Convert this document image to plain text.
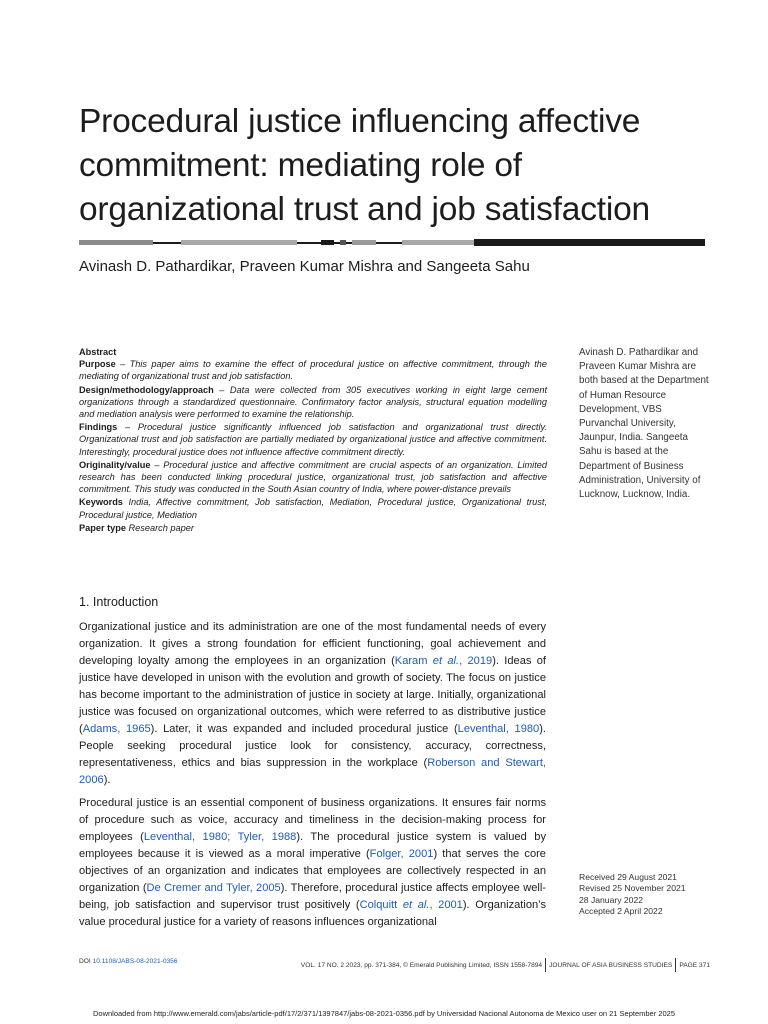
Procedural justice influencing affective
commitment: mediating role of
organizational trust and job satisfaction
Avinash D. Pathardikar, Praveen Kumar Mishra and Sangeeta Sahu
Abstract

Purpose – This paper aims to examine the effect of procedural justice on affective commitment, through the mediating of organizational trust and job satisfaction.

Design/methodology/approach – Data were collected from 305 executives working in eight large cement organizations through a standardized questionnaire. Confirmatory factor analysis, structural equation modelling and mediation analysis were performed to examine the relationship.

Findings – Procedural justice significantly influenced job satisfaction and organizational trust directly. Organizational trust and job satisfaction are partially mediated by organizational justice and affective commitment. Interestingly, procedural justice does not influence affective commitment directly.

Originality/value – Procedural justice and affective commitment are crucial aspects of an organization. Limited research has been conducted linking procedural justice, organizational trust, job satisfaction and affective commitment. This study was conducted in the South Asian country of India, where power-distance prevails

Keywords India, Affective commitment, Job satisfaction, Mediation, Procedural justice, Organizational trust, Procedural justice, Mediation

Paper type Research paper

1. Introduction

Organizational justice and its administration are one of the most fundamental needs of every organization. It gives a strong foundation for efficient functioning, goal achievement and developing loyalty among the employees in an organization (Karam et al., 2019). Ideas of justice have developed in unison with the evolution and growth of society. The focus on justice has become important to the administration of justice in society at large. Initially, organizational justice was focused on organizational outcomes, which were referred to as distributive justice (Adams, 1965). Later, it was expanded and included procedural justice (Leventhal, 1980). People seeking procedural justice look for consistency, accuracy, correctness, representativeness, ethics and bias suppression in the workplace (Roberson and Stewart, 2006).

Procedural justice is an essential component of business organizations. It ensures fair norms of procedure such as voice, accuracy and timeliness in the decision-making process for employees (Leventhal, 1980; Tyler, 1988). The procedural justice system is valued by employees because it is viewed as a moral imperative (Folger, 2001) that serves the core objectives of an organization and indicates that employees are collectively respected in an organization (De Cremer and Tyler, 2005). Therefore, procedural justice affects employee well-being, job satisfaction and supervisor trust positively (Colquitt et al., 2001). Organization’s value procedural justice for a variety of reasons influences organizational

Avinash D. Pathardikar and Praveen Kumar Mishra are both based at the Department of Human Resource Development, VBS Purvanchal University, Jaunpur, India. Sangeeta Sahu is based at the Department of Business Administration, University of Lucknow, Lucknow, India.
Received 29 August 2021
Revised 25 November 2021
28 January 2022
Accepted 2 April 2022
DOI 10.1108/JABS-08-2021-0356
VOL. 17 NO. 2 2023, pp. 371-384, © Emerald Publishing Limited, ISSN 1558-7894 JOURNAL OF ASIA BUSINESS STUDIES PAGE 371
Downloaded from http://www.emerald.com/jabs/article-pdf/17/2/371/1397847/jabs-08-2021-0356.pdf by Universidad Nacional Autonoma de Mexico user on 21 September 2025
